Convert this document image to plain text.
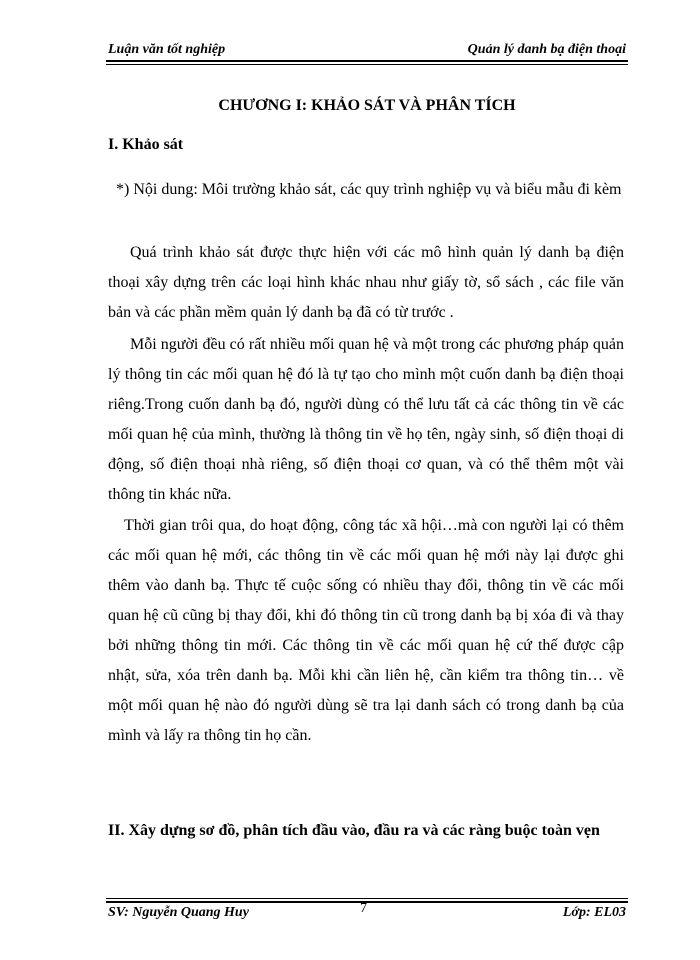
Luận văn tốt nghiệp	Quản lý danh bạ điện thoại
CHƯƠNG I: KHẢO SÁT VÀ PHÂN TÍCH
I. Khảo sát

*) Nội dung: Môi trường khảo sát, các quy trình nghiệp vụ và biểu mẫu đi kèm

Quá trình khảo sát được thực hiện với các mô hình quản lý danh bạ điện thoại xây dựng trên các loại hình khác nhau như giấy tờ, sổ sách , các file văn bản và các phần mềm quản lý danh bạ đã có từ trước .

Mỗi người đều có rất nhiều mối quan hệ và một trong các phương pháp quản lý thông tin các mối quan hệ đó là tự tạo cho mình một cuốn danh bạ điện thoại riêng.Trong cuốn danh bạ đó, người dùng có thể lưu tất cả các thông tin về các mối quan hệ của mình, thường là thông tin về họ tên, ngày sinh, số điện thoại di động, số điện thoại nhà riêng, số điện thoại cơ quan, và có thể thêm một vài thông tin khác nữa.

Thời gian trôi qua, do hoạt động, công tác xã hội…mà con người lại có thêm các mối quan hệ mới, các thông tin về các mối quan hệ mới này lại được ghi thêm vào danh bạ. Thực tế cuộc sống có nhiều thay đổi, thông tin về các mối quan hệ cũ cũng bị thay đổi, khi đó thông tin cũ trong danh bạ bị xóa đi và thay bởi những thông tin mới. Các thông tin về các mối quan hệ cứ thế được cập nhật, sửa, xóa trên danh bạ. Mỗi khi cần liên hệ, cần kiểm tra thông tin… về một mối quan hệ nào đó người dùng sẽ tra lại danh sách có trong danh bạ của mình và lấy ra thông tin họ cần.

II. Xây dựng sơ đồ, phân tích đầu vào, đầu ra và các ràng buộc toàn vẹn
SV: Nguyễn Quang Huy	7	Lớp: EL03
